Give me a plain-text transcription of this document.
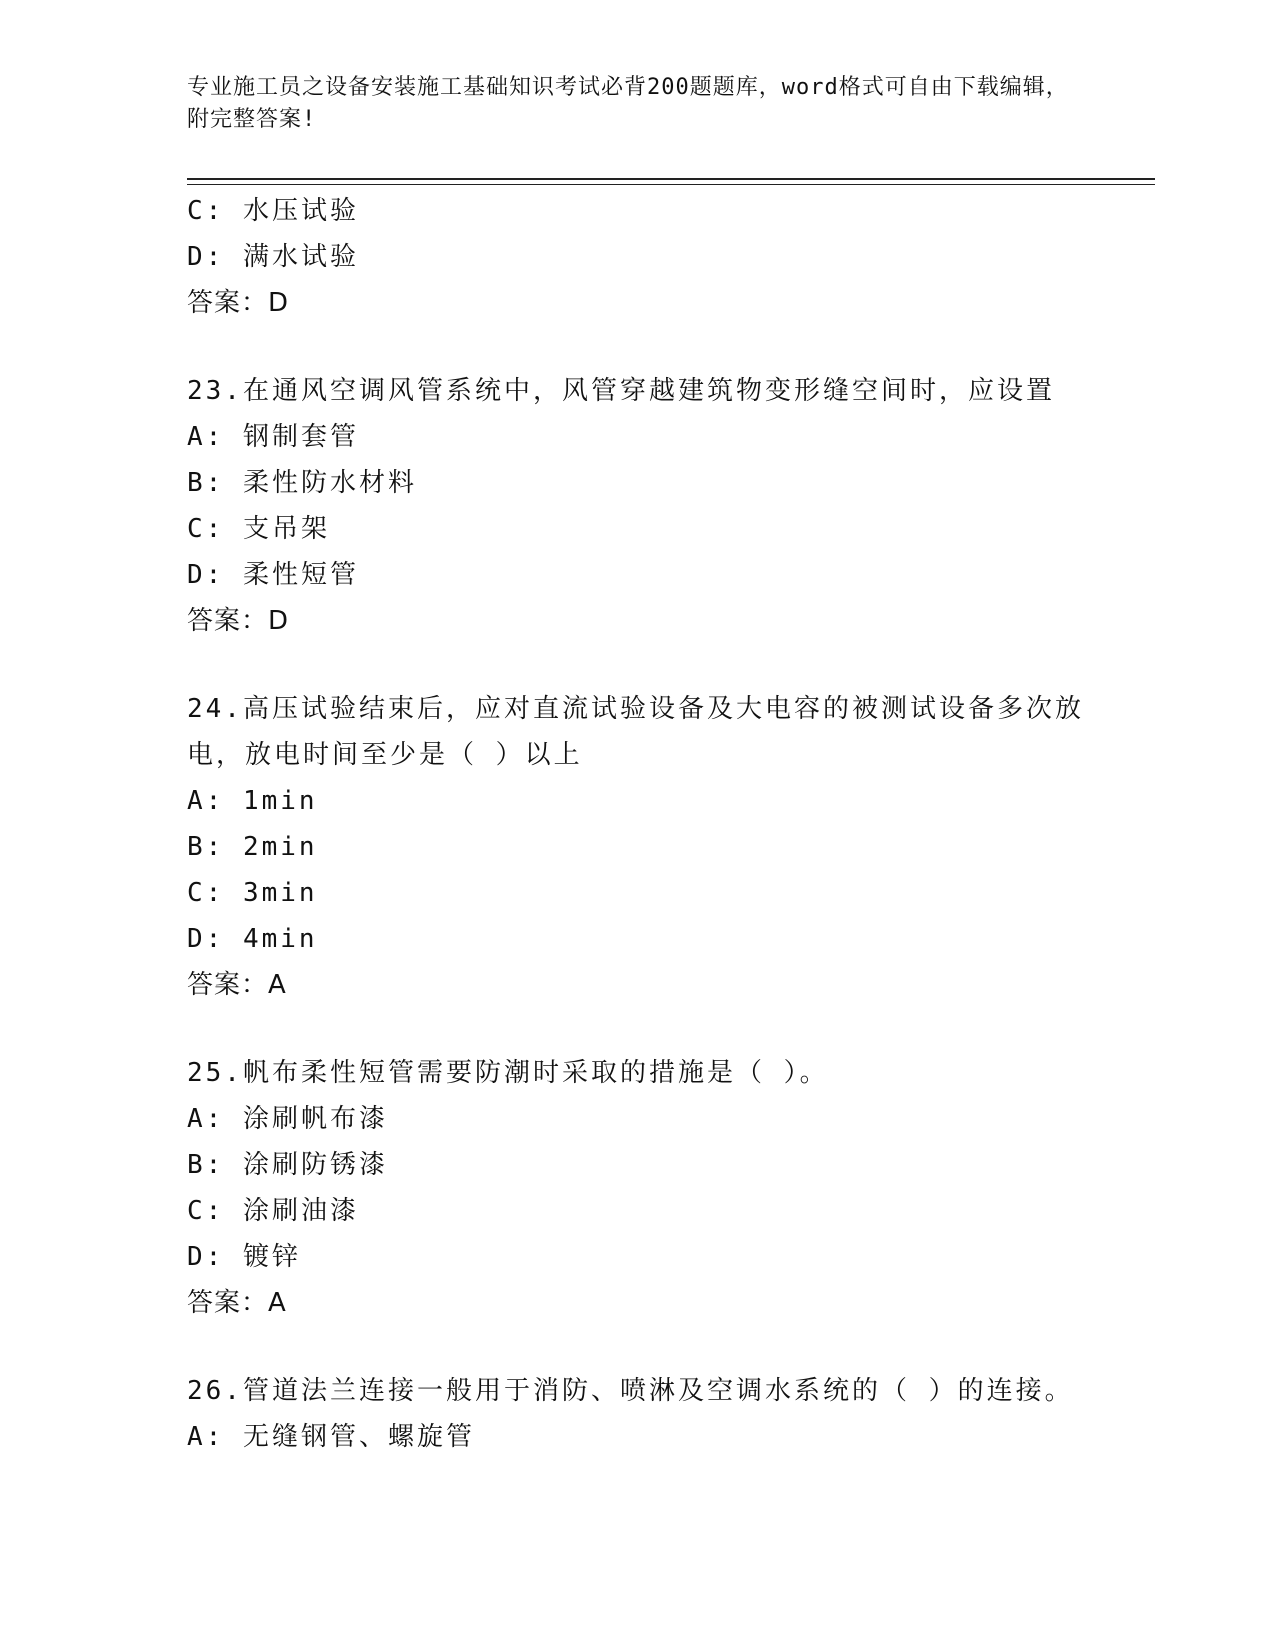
专业施工员之设备安装施工基础知识考试必背200题题库，word格式可自由下载编辑，附完整答案!
C: 水压试验
D: 满水试验
答案：D
23.在通风空调风管系统中，风管穿越建筑物变形缝空间时，应设置
A: 钢制套管
B: 柔性防水材料
C: 支吊架
D: 柔性短管
答案：D
24.高压试验结束后，应对直流试验设备及大电容的被测试设备多次放电，放电时间至少是（ ）以上
A: 1min
B: 2min
C: 3min
D: 4min
答案：A
25.帆布柔性短管需要防潮时采取的措施是（ ）。
A: 涂刷帆布漆
B: 涂刷防锈漆
C: 涂刷油漆
D: 镀锌
答案：A
26.管道法兰连接一般用于消防、喷淋及空调水系统的（ ）的连接。
A: 无缝钢管、螺旋管
